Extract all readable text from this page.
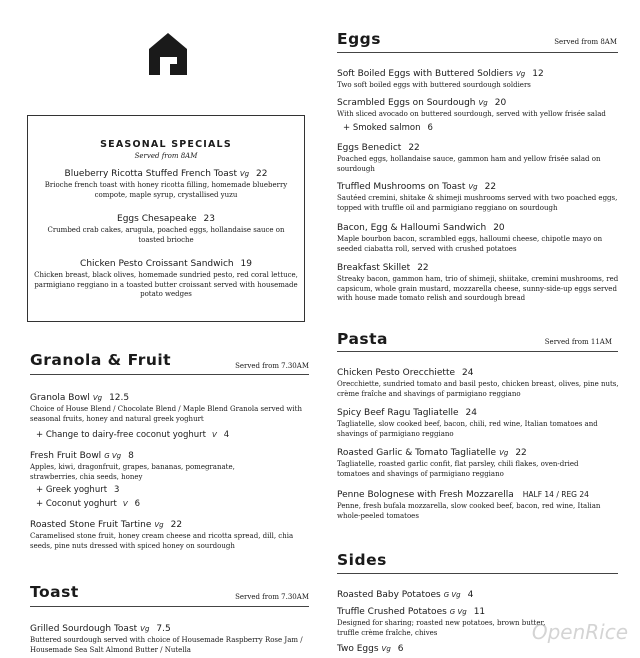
SEASONAL SPECIALS
Served from 8AM
Blueberry Ricotta Stuffed French Toast Vg 22
Brioche french toast with honey ricotta filling, homemade blueberry compote, maple syrup, crystallised yuzu
Eggs Chesapeake 23
Crumbed crab cakes, arugula, poached eggs, hollandaise sauce on toasted brioche
Chicken Pesto Croissant Sandwich 19
Chicken breast, black olives, homemade sundried pesto, red coral lettuce, parmigiano reggiano in a toasted butter croissant served with housemade potato wedges
Granola & Fruit	Served from 7.30AM
Granola Bowl Vg 12.5
Choice of House Blend / Chocolate Blend / Maple Blend Granola served with seasonal fruits, honey and natural greek yoghurt
+ Change to dairy-free coconut yoghurt V 4
Fresh Fruit Bowl G Vg 8
Apples, kiwi, dragonfruit, grapes, bananas, pomegranate, strawberries, chia seeds, honey
+ Greek yoghurt 3
+ Coconut yoghurt V 6
Roasted Stone Fruit Tartine Vg 22
Caramelised stone fruit, honey cream cheese and ricotta spread, dill, chia seeds, pine nuts dressed with spiced honey on sourdough
Toast	Served from 7.30AM
Grilled Sourdough Toast Vg 7.5
Buttered sourdough served with choice of Housemade Raspberry Rose Jam / Housemade Sea Salt Almond Butter / Nutella
Eggs	Served from 8AM
Soft Boiled Eggs with Buttered Soldiers Vg 12
Two soft boiled eggs with buttered sourdough soldiers
Scrambled Eggs on Sourdough Vg 20
With sliced avocado on buttered sourdough, served with yellow frisée salad
+ Smoked salmon 6
Eggs Benedict 22
Poached eggs, hollandaise sauce, gammon ham and yellow frisée salad on sourdough
Truffled Mushrooms on Toast Vg 22
Sautéed cremini, shitake & shimeji mushrooms served with two poached eggs, topped with truffle oil and parmigiano reggiano on sourdough
Bacon, Egg & Halloumi Sandwich 20
Maple bourbon bacon, scrambled eggs, halloumi cheese, chipotle mayo on seeded ciabatta roll, served with crushed potatoes
Breakfast Skillet 22
Streaky bacon, gammon ham, trio of shimeji, shiitake, cremini mushrooms, red capsicum, whole grain mustard, mozzarella cheese, sunny-side-up eggs served with house made tomato relish and sourdough bread
Pasta	Served from 11AM
Chicken Pesto Orecchiette 24
Orecchiette, sundried tomato and basil pesto, chicken breast, olives, pine nuts, crème fraîche and shavings of parmigiano reggiano
Spicy Beef Ragu Tagliatelle 24
Tagliatelle, slow cooked beef, bacon, chili, red wine, Italian tomatoes and shavings of parmigiano reggiano
Roasted Garlic & Tomato Tagliatelle Vg 22
Tagliatelle, roasted garlic confit, flat parsley, chili flakes, oven-dried tomatoes and shavings of parmigiano reggiano
Penne Bolognese with Fresh Mozzarella HALF 14 / REG 24
Penne, fresh bufala mozzarella, slow cooked beef, bacon, red wine, Italian whole-peeled tomatoes
Sides
Roasted Baby Potatoes G Vg 4
Truffle Crushed Potatoes G Vg 11
Designed for sharing; roasted new potatoes, brown butter, truffle crème fraîche, chives
Two Eggs Vg 6
OpenRice
